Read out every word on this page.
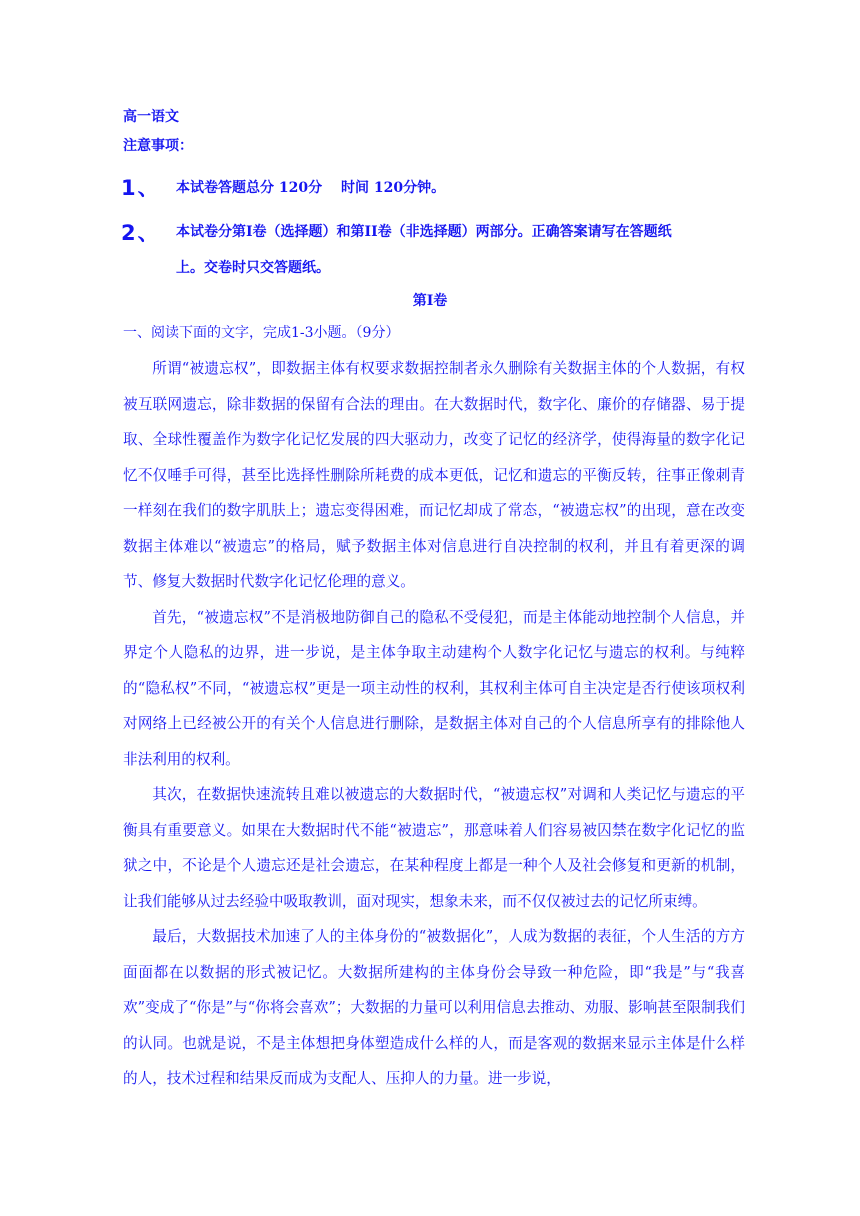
高一语文
注意事项：
1、 本试卷答题总分 120分　 时间 120分钟。
2、 本试卷分第Ⅰ卷（选择题）和第II卷（非选择题）两部分。正确答案请写在答题纸
上。交卷时只交答题纸。
第Ⅰ卷
一、阅读下面的文字，完成1-3小题。（9分）

所谓“被遗忘权”，即数据主体有权要求数据控制者永久删除有关数据主体的个人数据，有权被互联网遗忘，除非数据的保留有合法的理由。在大数据时代，数字化、廉价的存储器、易于提取、全球性覆盖作为数字化记忆发展的四大驱动力，改变了记忆的经济学，使得海量的数字化记忆不仅唾手可得，甚至比选择性删除所耗费的成本更低，记忆和遗忘的平衡反转，往事正像刺青一样刻在我们的数字肌肤上；遗忘变得困难，而记忆却成了常态，“被遗忘权”的出现，意在改变数据主体难以“被遗忘”的格局，赋予数据主体对信息进行自决控制的权利，并且有着更深的调节、修复大数据时代数字化记忆伦理的意义。

首先，“被遗忘权”不是消极地防御自己的隐私不受侵犯，而是主体能动地控制个人信息，并界定个人隐私的边界，进一步说，是主体争取主动建构个人数字化记忆与遗忘的权利。与纯粹的“隐私权”不同，“被遗忘权”更是一项主动性的权利，其权利主体可自主决定是否行使该项权利对网络上已经被公开的有关个人信息进行删除，是数据主体对自己的个人信息所享有的排除他人非法利用的权利。

其次，在数据快速流转且难以被遗忘的大数据时代，“被遗忘权”对调和人类记忆与遗忘的平衡具有重要意义。如果在大数据时代不能“被遗忘”，那意味着人们容易被囚禁在数字化记忆的监狱之中，不论是个人遗忘还是社会遗忘，在某种程度上都是一种个人及社会修复和更新的机制，让我们能够从过去经验中吸取教训，面对现实，想象未来，而不仅仅被过去的记忆所束缚。

最后，大数据技术加速了人的主体身份的“被数据化”，人成为数据的表征，个人生活的方方面面都在以数据的形式被记忆。大数据所建构的主体身份会导致一种危险，即“我是”与“我喜欢”变成了“你是”与“你将会喜欢”；大数据的力量可以利用信息去推动、劝服、影响甚至限制我们的认同。也就是说，不是主体想把身体塑造成什么样的人，而是客观的数据来显示主体是什么样的人，技术过程和结果反而成为支配人、压抑人的力量。进一步说，
